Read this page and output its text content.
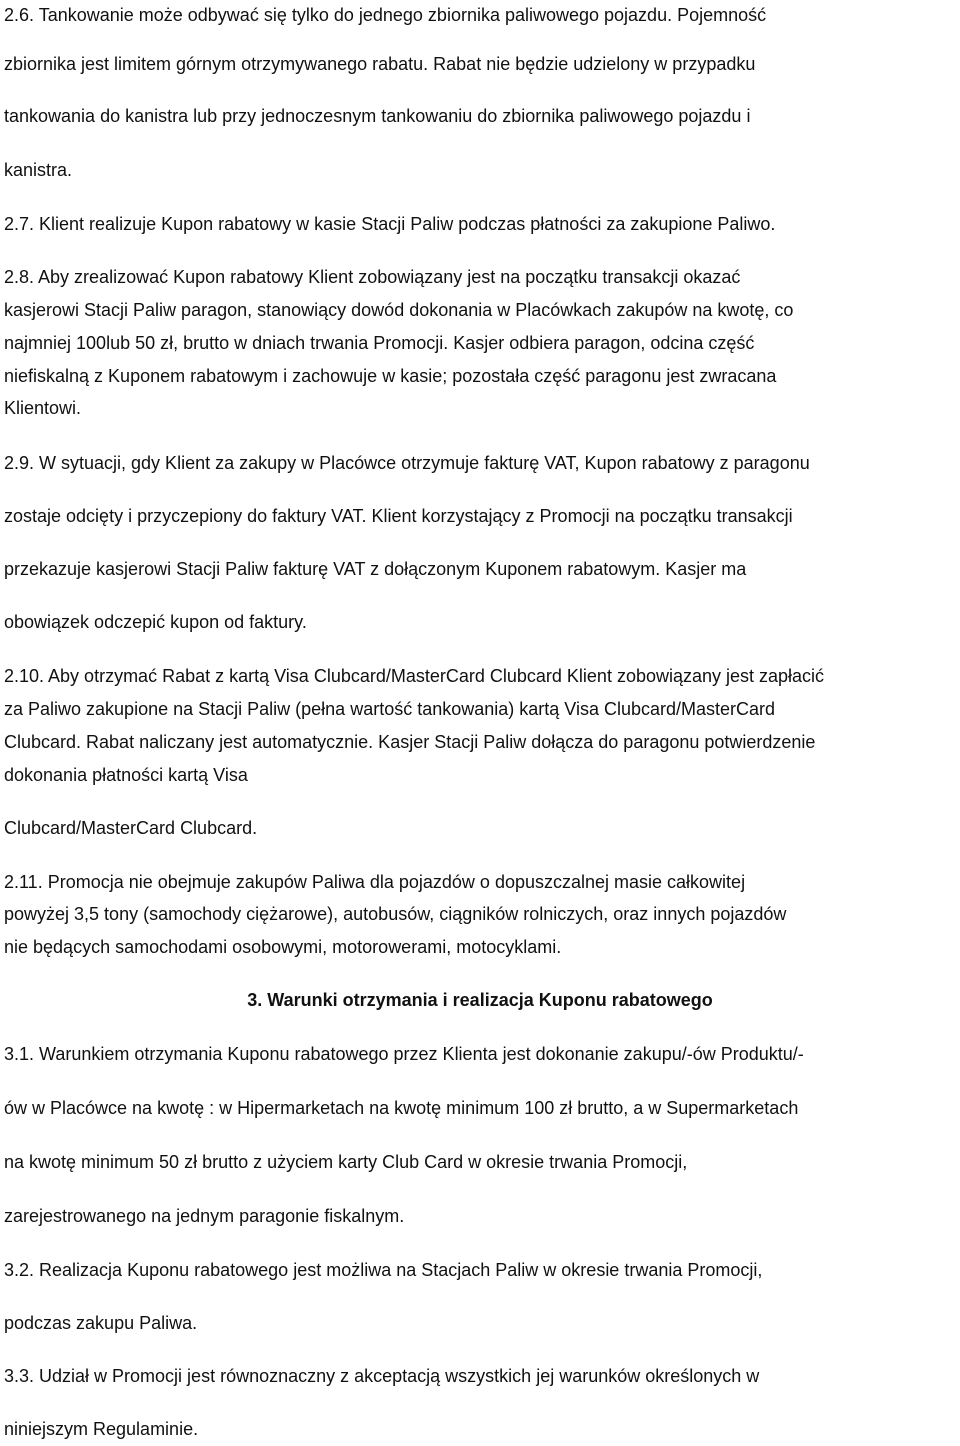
2.6. Tankowanie może odbywać się tylko do jednego zbiornika paliwowego pojazdu. Pojemność
zbiornika jest limitem górnym otrzymywanego rabatu. Rabat nie będzie udzielony w przypadku
tankowania do kanistra lub przy jednoczesnym tankowaniu do zbiornika paliwowego pojazdu i
kanistra.
2.7. Klient realizuje Kupon rabatowy w kasie Stacji Paliw podczas płatności za zakupione Paliwo.
2.8. Aby zrealizować Kupon rabatowy Klient zobowiązany jest na początku transakcji okazać
kasjerowi Stacji Paliw paragon, stanowiący dowód dokonania w Placówkach zakupów na kwotę, co
najmniej 100lub 50 zł, brutto w dniach trwania Promocji. Kasjer odbiera paragon, odcina część
niefiskalną z Kuponem rabatowym i zachowuje w kasie; pozostała część paragonu jest zwracana
Klientowi.
2.9. W sytuacji, gdy Klient za zakupy w Placówce otrzymuje fakturę VAT, Kupon rabatowy z paragonu
zostaje odcięty i przyczepiony do faktury VAT. Klient korzystający z Promocji na początku transakcji
przekazuje kasjerowi Stacji Paliw fakturę VAT z dołączonym Kuponem rabatowym. Kasjer ma
obowiązek odczepić kupon od faktury.
2.10. Aby otrzymać Rabat z kartą Visa Clubcard/MasterCard Clubcard Klient zobowiązany jest zapłacić
za Paliwo zakupione na Stacji Paliw (pełna wartość tankowania) kartą Visa Clubcard/MasterCard
Clubcard. Rabat naliczany jest automatycznie. Kasjer Stacji Paliw dołącza do paragonu potwierdzenie
dokonania płatności kartą Visa
Clubcard/MasterCard Clubcard.
2.11. Promocja nie obejmuje zakupów Paliwa dla pojazdów o dopuszczalnej masie całkowitej
powyżej 3,5 tony (samochody ciężarowe), autobusów, ciągników rolniczych, oraz innych pojazdów
nie będących samochodami osobowymi, motorowerami, motocyklami.
3. Warunki otrzymania i realizacja Kuponu rabatowego
3.1. Warunkiem otrzymania Kuponu rabatowego przez Klienta jest dokonanie zakupu/-ów Produktu/-
ów w Placówce na kwotę : w Hipermarketach na kwotę minimum 100 zł brutto, a w Supermarketach
na kwotę minimum 50 zł brutto z użyciem karty Club Card w okresie trwania Promocji,
zarejestrowanego na jednym paragonie fiskalnym.
3.2. Realizacja Kuponu rabatowego jest możliwa na Stacjach Paliw w okresie trwania Promocji,
podczas zakupu Paliwa.
3.3. Udział w Promocji jest równoznaczny z akceptacją wszystkich jej warunków określonych w
niniejszym Regulaminie.
